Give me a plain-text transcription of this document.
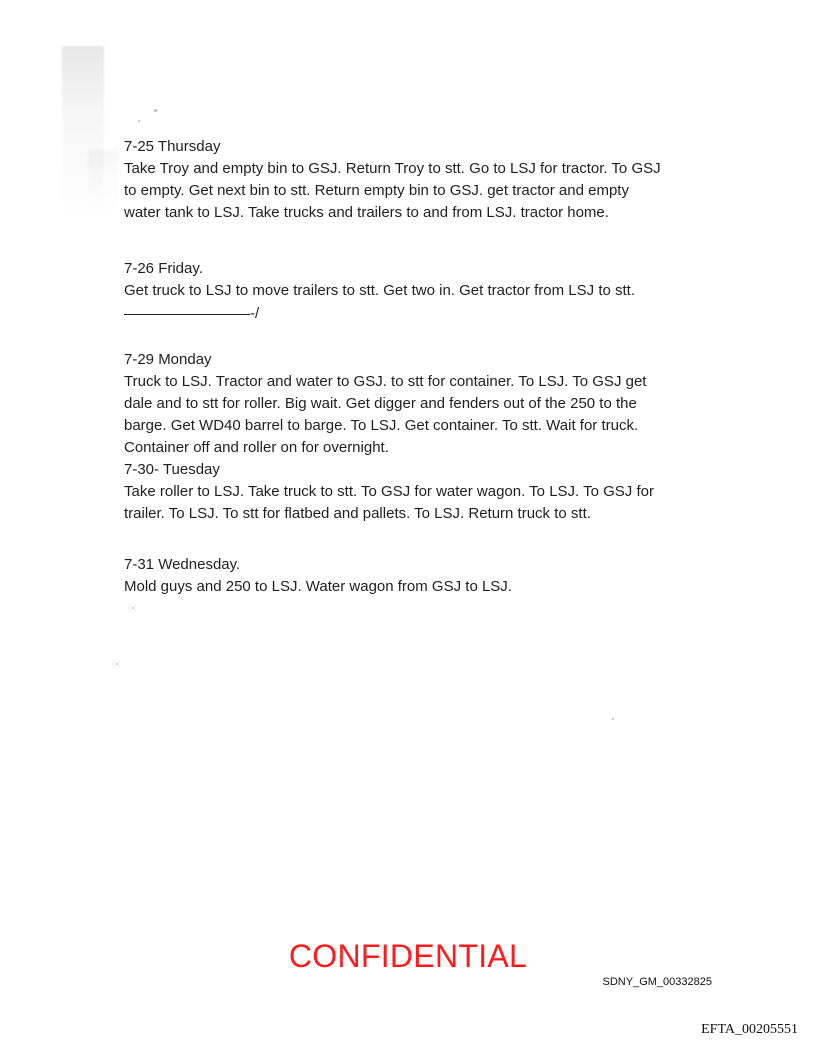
7-25 Thursday

Take Troy and empty bin to GSJ. Return Troy to stt. Go to LSJ for tractor. To GSJ

to empty. Get next bin to stt. Return empty bin to GSJ. get tractor and empty

water tank to LSJ. Take trucks and trailers to and from LSJ. tractor home.

7-26 Friday.

Get truck to LSJ to move trailers to stt. Get two in. Get tractor from LSJ to stt.

-/

7-29 Monday

Truck to LSJ. Tractor and water to GSJ. to stt for container. To LSJ. To GSJ get

dale and to stt for roller. Big wait. Get digger and fenders out of the 250 to the

barge. Get WD40 barrel to barge. To LSJ. Get container. To stt. Wait for truck.

Container off and roller on for overnight.

7-30- Tuesday

Take roller to LSJ. Take truck to stt. To GSJ for water wagon. To LSJ. To GSJ for

trailer. To LSJ. To stt for flatbed and pallets. To LSJ. Return truck to stt.

7-31 Wednesday.

Mold guys and 250 to LSJ. Water wagon from GSJ to LSJ.

CONFIDENTIAL
SDNY_GM_00332825
EFTA_00205551
